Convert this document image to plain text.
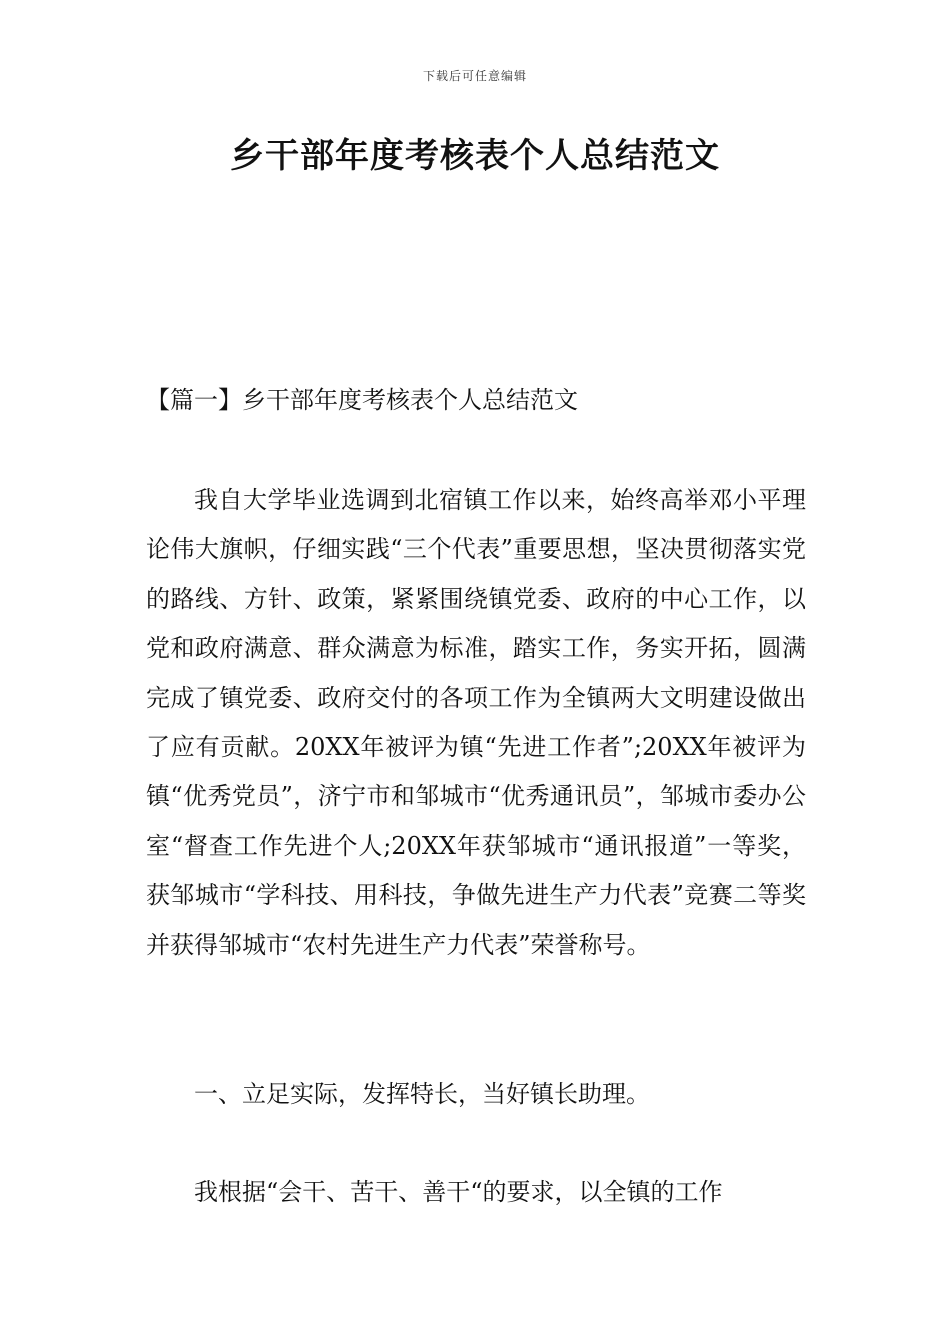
下载后可任意编辑
乡干部年度考核表个人总结范文
【篇一】乡干部年度考核表个人总结范文

我自大学毕业选调到北宿镇工作以来，始终高举邓小平理论伟大旗帜，仔细实践“三个代表”重要思想，坚决贯彻落实党的路线、方针、政策，紧紧围绕镇党委、政府的中心工作，以党和政府满意、群众满意为标准，踏实工作，务实开拓，圆满完成了镇党委、政府交付的各项工作为全镇两大文明建设做出了应有贡献。20XX年被评为镇“先进工作者”;20XX年被评为镇“优秀党员”，济宁市和邹城市“优秀通讯员”，邹城市委办公室“督查工作先进个人;20XX年获邹城市“通讯报道”一等奖，获邹城市“学科技、用科技，争做先进生产力代表”竞赛二等奖并获得邹城市“农村先进生产力代表”荣誉称号。

一、立足实际，发挥特长，当好镇长助理。

我根据“会干、苦干、善干“的要求，以全镇的工作
